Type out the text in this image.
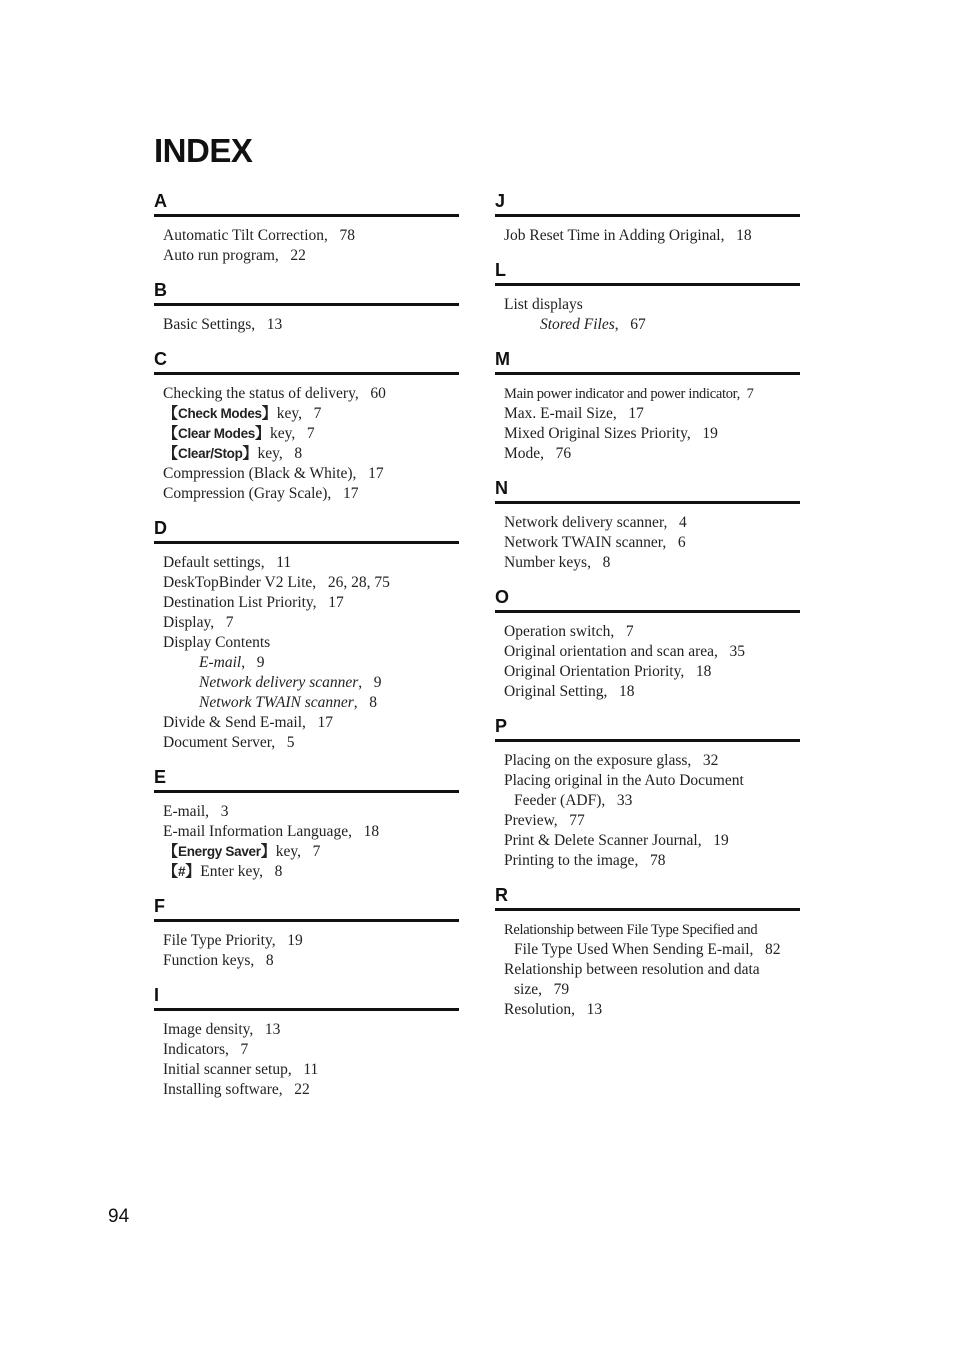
INDEX
A
Automatic Tilt Correction, 78
Auto run program, 22
B
Basic Settings, 13
C
Checking the status of delivery, 60
【Check Modes】key, 7
【Clear Modes】key, 7
【Clear/Stop】key, 8
Compression (Black & White), 17
Compression (Gray Scale), 17
D
Default settings, 11
DeskTopBinder V2 Lite, 26, 28, 75
Destination List Priority, 17
Display, 7
Display Contents
E-mail,   9
Network delivery scanner,   9
Network TWAIN scanner,   8
Divide & Send E-mail, 17
Document Server, 5
E
E-mail, 3
E-mail Information Language, 18
【Energy Saver】key, 7
【#】Enter key, 8
F
File Type Priority, 19
Function keys, 8
I
Image density, 13
Indicators, 7
Initial scanner setup, 11
Installing software, 22
J
Job Reset Time in Adding Original, 18
L
List displays
Stored Files,   67
M
Main power indicator and power indicator, 7
Max. E-mail Size, 17
Mixed Original Sizes Priority, 19
Mode, 76
N
Network delivery scanner, 4
Network TWAIN scanner, 6
Number keys, 8
O
Operation switch, 7
Original orientation and scan area, 35
Original Orientation Priority, 18
Original Setting, 18
P
Placing on the exposure glass, 32
Placing original in the Auto Document
Feeder (ADF), 33
Preview, 77
Print & Delete Scanner Journal, 19
Printing to the image, 78
R
Relationship between File Type Specified and
File Type Used When Sending E-mail, 82
Relationship between resolution and data
size, 79
Resolution, 13
94
